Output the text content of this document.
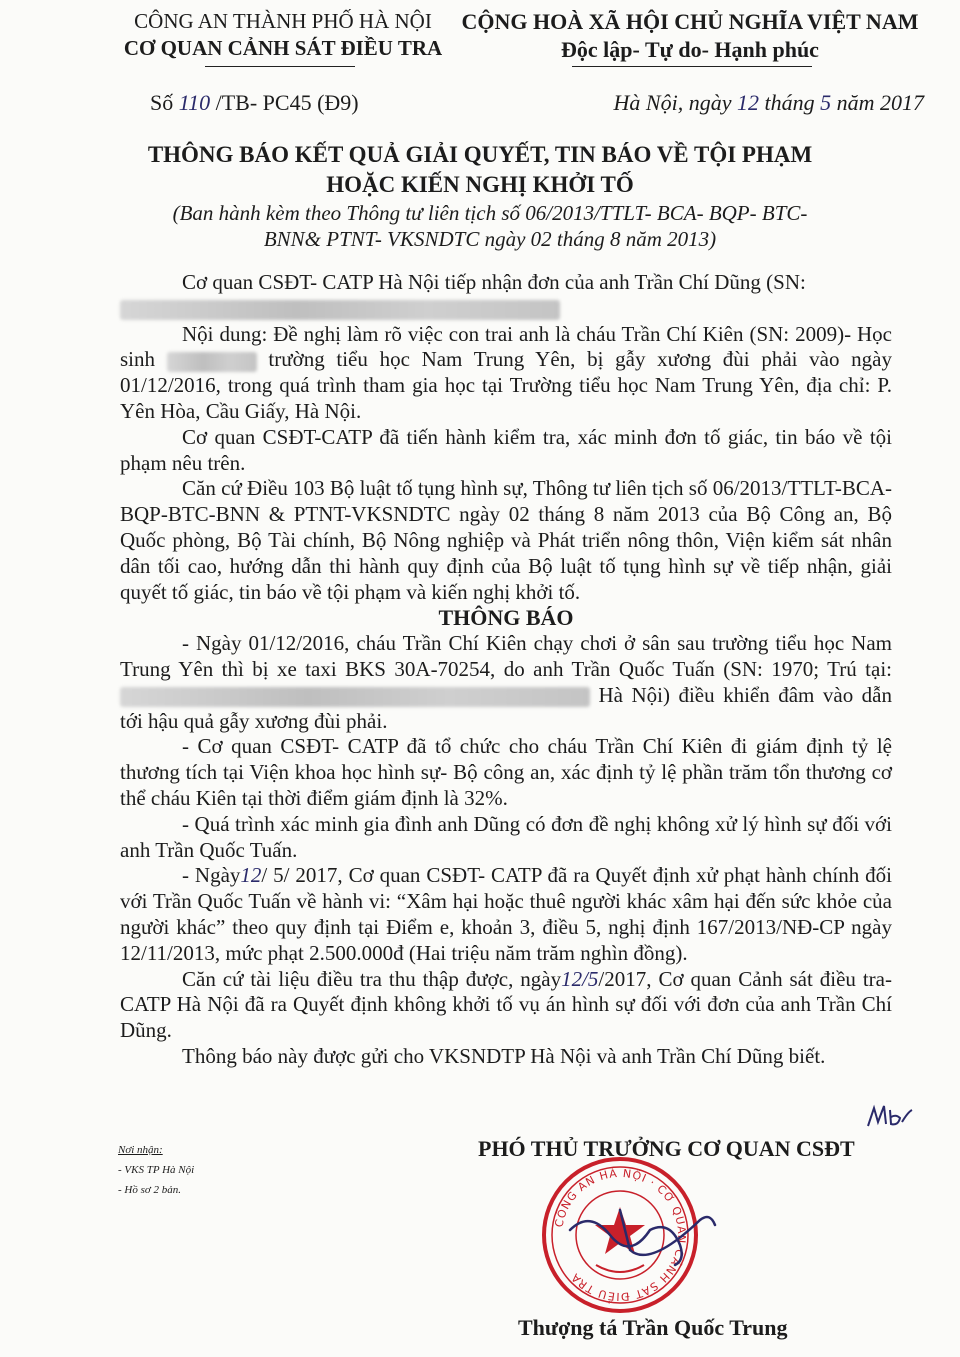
CÔNG AN THÀNH PHỐ HÀ NỘI
CƠ QUAN CẢNH SÁT ĐIỀU TRA
CỘNG HOÀ XÃ HỘI CHỦ NGHĨA VIỆT NAM
Độc lập- Tự do- Hạnh phúc
Số 110 /TB- PC45 (Đ9)	Hà Nội, ngày 12 tháng 5 năm 2017
THÔNG BÁO KẾT QUẢ GIẢI QUYẾT, TIN BÁO VỀ TỘI PHẠM
HOẶC KIẾN NGHỊ KHỞI TỐ
(Ban hành kèm theo Thông tư liên tịch số 06/2013/TTLT- BCA- BQP- BTC-
BNN& PTNT- VKSNDTC ngày 02 tháng 8 năm 2013)

Cơ quan CSĐT- CATP Hà Nội tiếp nhận đơn của anh Trần Chí Dũng (SN:

Nội dung: Đề nghị làm rõ việc con trai anh là cháu Trần Chí Kiên (SN: 2009)- Học sinh	trường tiểu học Nam Trung Yên, bị gẫy xương đùi phải vào ngày 01/12/2016, trong quá trình tham gia học tại Trường tiểu học Nam Trung Yên, địa chỉ: P. Yên Hòa, Cầu Giấy, Hà Nội.

Cơ quan CSĐT-CATP đã tiến hành kiểm tra, xác minh đơn tố giác, tin báo về tội phạm nêu trên.

Căn cứ Điều 103 Bộ luật tố tụng hình sự, Thông tư liên tịch số 06/2013/TTLT-BCA-BQP-BTC-BNN & PTNT-VKSNDTC ngày 02 tháng 8 năm 2013 của Bộ Công an, Bộ Quốc phòng, Bộ Tài chính, Bộ Nông nghiệp và Phát triển nông thôn, Viện kiểm sát nhân dân tối cao, hướng dẫn thi hành quy định của Bộ luật tố tụng hình sự về tiếp nhận, giải quyết tố giác, tin báo về tội phạm và kiến nghị khởi tố.

THÔNG BÁO

- Ngày 01/12/2016, cháu Trần Chí Kiên chạy chơi ở sân sau trường tiểu học Nam Trung Yên thì bị xe taxi BKS 30A-70254, do anh Trần Quốc Tuấn (SN: 1970; Trú tại:  Hà Nội) điều khiển đâm vào dẫn tới hậu quả gẫy xương đùi phải.

- Cơ quan CSĐT- CATP đã tổ chức cho cháu Trần Chí Kiên đi giám định tỷ lệ thương tích tại Viện khoa học hình sự- Bộ công an, xác định tỷ lệ phần trăm tổn thương cơ thể cháu Kiên tại thời điểm giám định là 32%.

- Quá trình xác minh gia đình anh Dũng có đơn đề nghị không xử lý hình sự đối với anh Trần Quốc Tuấn.

- Ngày12/ 5/ 2017, Cơ quan CSĐT- CATP đã ra Quyết định xử phạt hành chính đối với Trần Quốc Tuấn về hành vi: “Xâm hại hoặc thuê người khác xâm hại đến sức khỏe của người khác” theo quy định tại Điểm e, khoản 3, điều 5, nghị định 167/2013/NĐ-CP ngày 12/11/2013, mức phạt 2.500.000đ (Hai triệu năm trăm nghìn đồng).

Căn cứ tài liệu điều tra thu thập được, ngày12/5/2017, Cơ quan Cảnh sát điều tra- CATP Hà Nội đã ra Quyết định không khởi tố vụ án hình sự đối với đơn của anh Trần Chí Dũng.

Thông báo này được gửi cho VKSNDTP Hà Nội và anh Trần Chí Dũng biết.

Nơi nhận:
- VKS TP Hà Nội
- Hồ sơ 2 bản.
PHÓ THỦ TRƯỞNG CƠ QUAN CSĐT
CÔNG AN HÀ NỘI · CƠ QUAN CẢNH SÁT ĐIỀU TRA
Thượng tá Trần Quốc Trung
